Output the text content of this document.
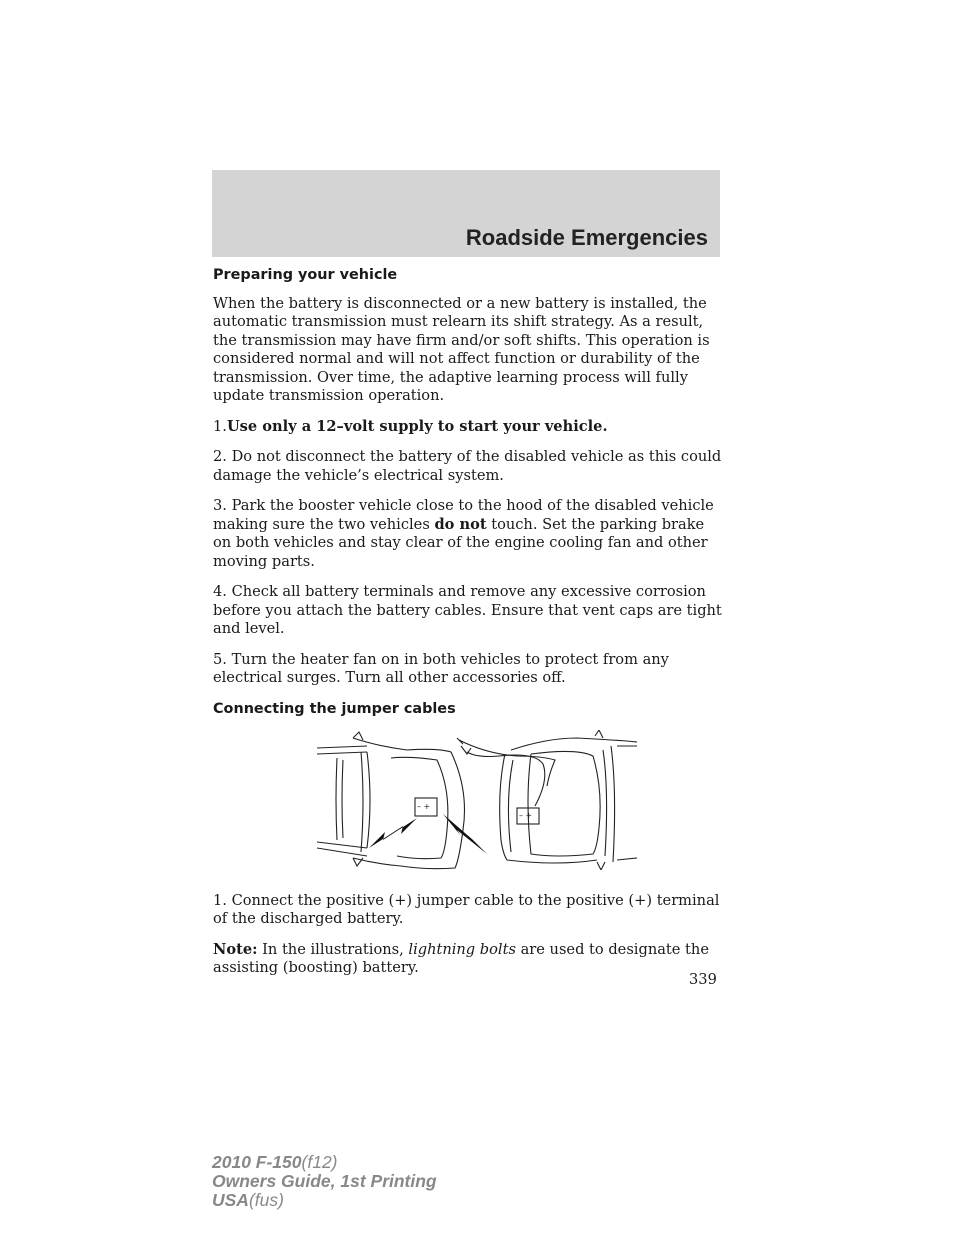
Roadside Emergencies

Preparing your vehicle

When the battery is disconnected or a new battery is installed, the automatic transmission must relearn its shift strategy. As a result, the transmission may have firm and/or soft shifts. This operation is considered normal and will not affect function or durability of the transmission. Over time, the adaptive learning process will fully update transmission operation.

1.Use only a 12–volt supply to start your vehicle.

2. Do not disconnect the battery of the disabled vehicle as this could damage the vehicle’s electrical system.

3. Park the booster vehicle close to the hood of the disabled vehicle making sure the two vehicles do not touch. Set the parking brake on both vehicles and stay clear of the engine cooling fan and other moving parts.

4. Check all battery terminals and remove any excessive corrosion before you attach the battery cables. Ensure that vent caps are tight and level.

5. Turn the heater fan on in both vehicles to protect from any electrical surges. Turn all other accessories off.

Connecting the jumper cables

– +
– +

1. Connect the positive (+) jumper cable to the positive (+) terminal of the discharged battery.

Note: In the illustrations, lightning bolts are used to designate the assisting (boosting) battery.

339
2010 F-150(f12)
Owners Guide, 1st Printing
USA(fus)
